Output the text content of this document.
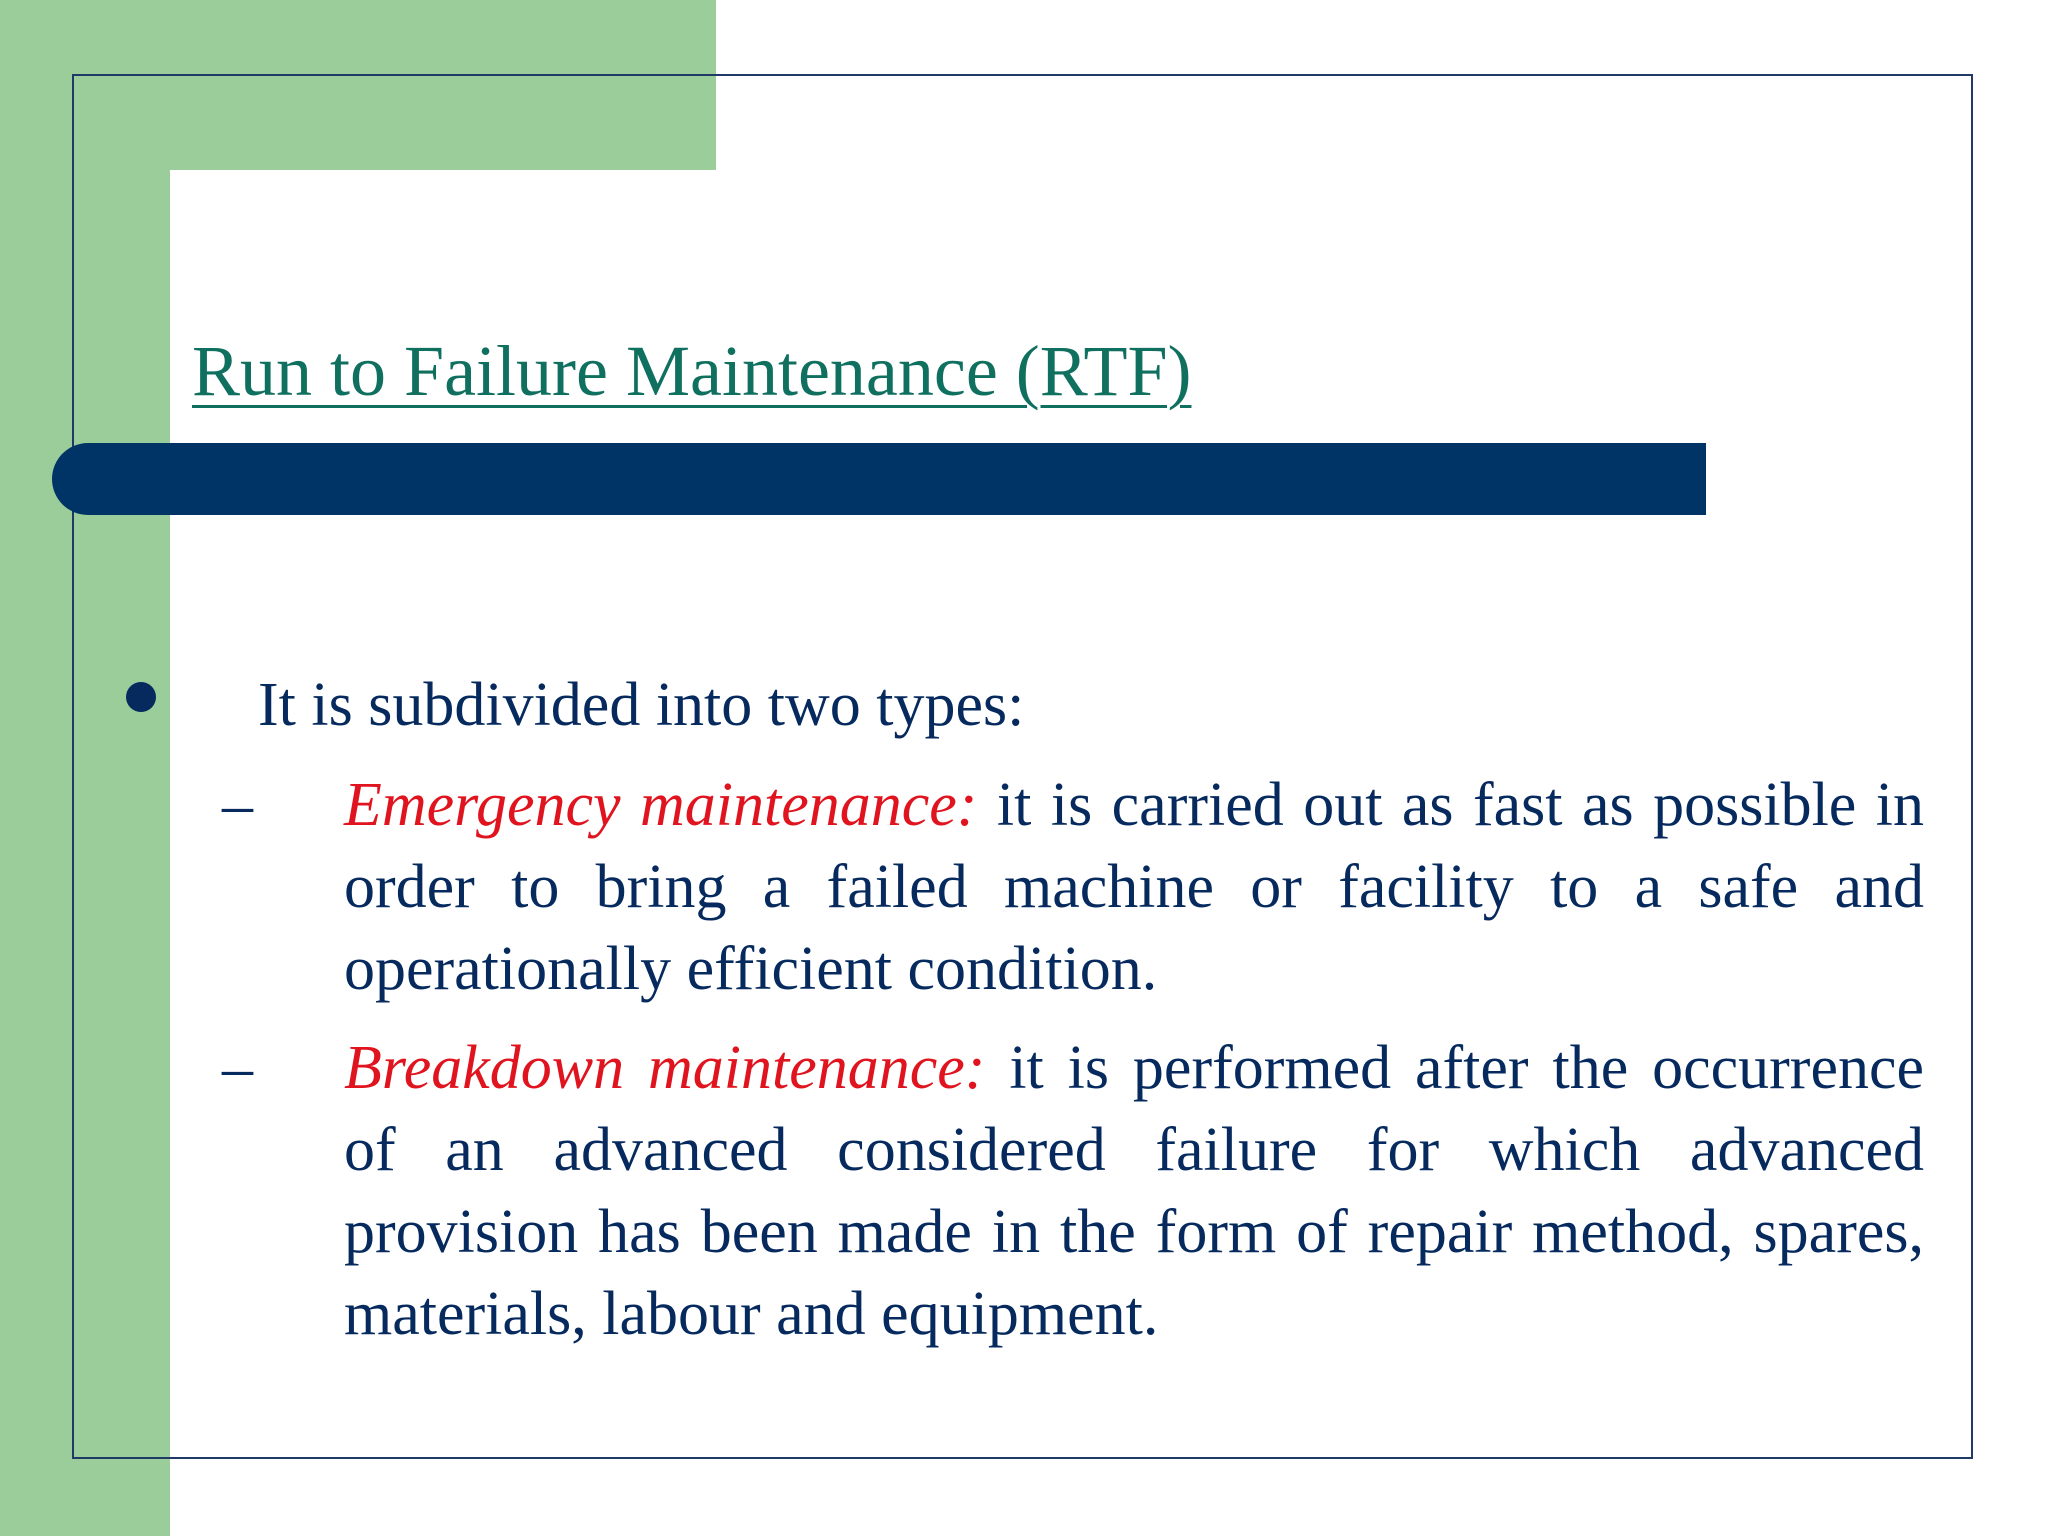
Run to Failure Maintenance (RTF)
It is subdivided into two types:
– Emergency maintenance: it is carried out as fast as possible in order to bring a failed machine or facility to a safe and operationally efficient condition.
– Breakdown maintenance: it is performed after the occurrence of an advanced considered failure for which advanced provision has been made in the form of repair method, spares, materials, labour and equipment.
